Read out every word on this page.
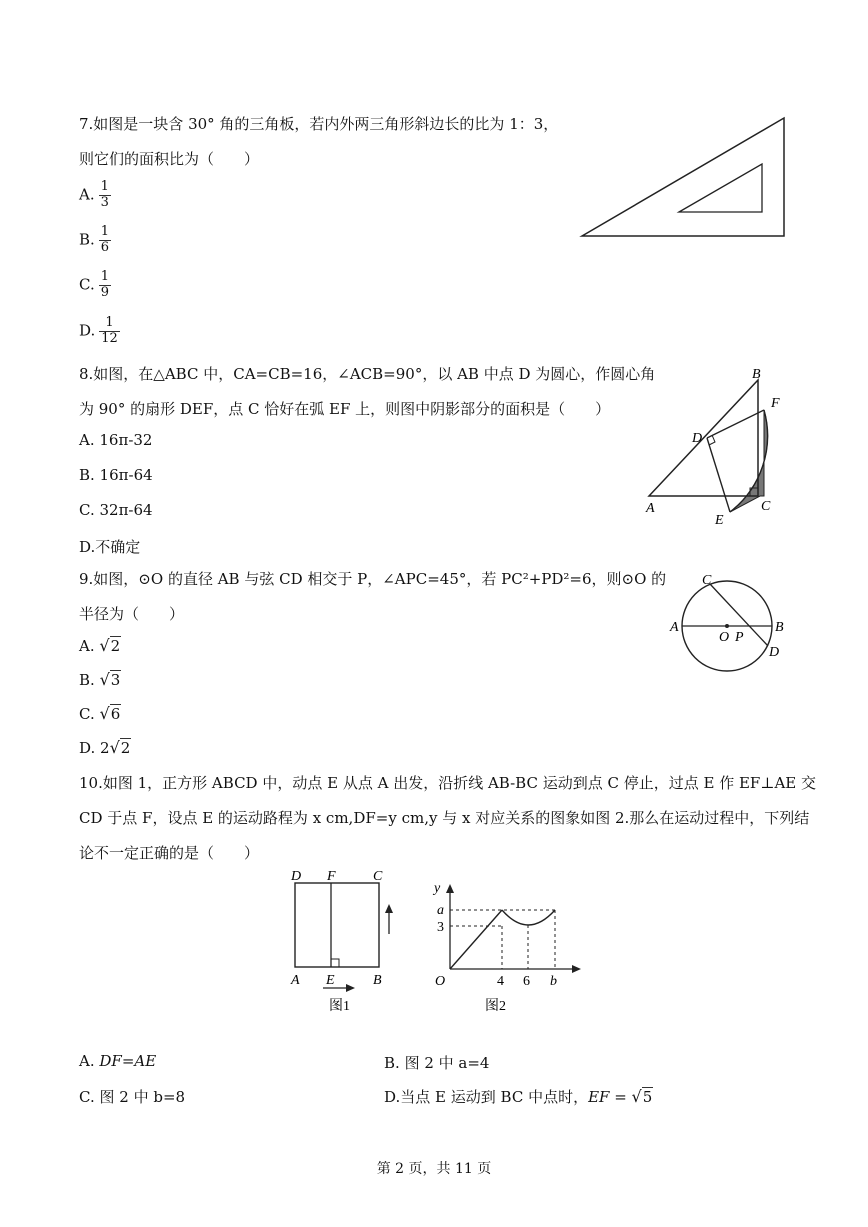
7.如图是一块含 30° 角的三角板，若内外两三角形斜边长的比为 1：3，
则它们的面积比为（　　）
A. $\frac{1}{3}$
B. $\frac{1}{6}$
C. $\frac{1}{9}$
D. $\frac{1}{12}$
8.如图，在△ABC 中，CA=CB=16，∠ACB=90°，以 AB 中点 D 为圆心，作圆心角
为 90° 的扇形 DEF，点 C 恰好在弧 EF 上，则图中阴影部分的面积是（　　）
A. 16π-32
B. 16π-64
C. 32π-64
D.不确定
B
F
D
A	C
E
9.如图，⊙O 的直径 AB 与弦 CD 相交于 P，∠APC=45°，若 PC²+PD²=6，则⊙O 的
半径为（　　）
A. √2
B. √3
C. √6
D. 2√2
C
A	B
O P
D
10.如图 1，正方形 ABCD 中，动点 E 从点 A 出发，沿折线 AB-BC 运动到点 C 停止，过点 E 作 EF⊥AE 交
CD 于点 F，设点 E 的运动路程为 x cm,DF=y cm,y 与 x 对应关系的图象如图 2.那么在运动过程中，下列结
论不一定正确的是（　　）
D F	C
A E	B
图1
y
a
3
O	4 6 b
图2
A. DF=AE	B. 图 2 中 a=4
C. 图 2 中 b=8	D.当点 E 运动到 BC 中点时，EF = √5
第 2 页，共 11 页
